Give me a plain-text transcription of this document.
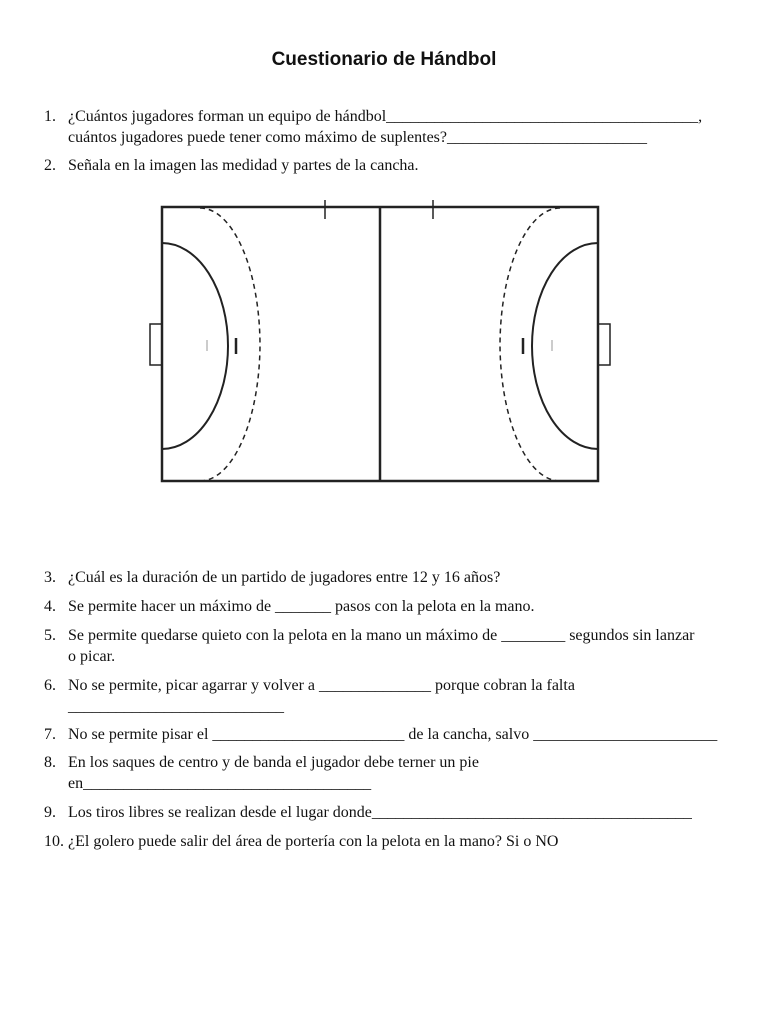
Cuestionario de Hándbol
1. ¿Cuántos jugadores forman un equipo de hándbol_______________________________________,
cuántos jugadores puede tener como máximo de suplentes?_________________________
2. Señala en la imagen las medidad y partes de la cancha.
3. ¿Cuál es la duración de un partido de jugadores entre 12 y 16 años?
4. Se permite hacer un máximo de _______ pasos con la pelota en la mano.
5. Se permite quedarse quieto con la pelota en la mano un máximo de ________ segundos sin lanzar
o picar.
6. No se permite, picar agarrar y volver a ______________ porque cobran la falta
___________________________
7. No se permite pisar el ________________________ de la cancha, salvo _______________________
8. En los saques de centro y de banda el jugador debe terner un pie
en____________________________________
9. Los tiros libres se realizan desde el lugar donde________________________________________
10. ¿El golero puede salir del área de portería con la pelota en la mano? Si o NO
